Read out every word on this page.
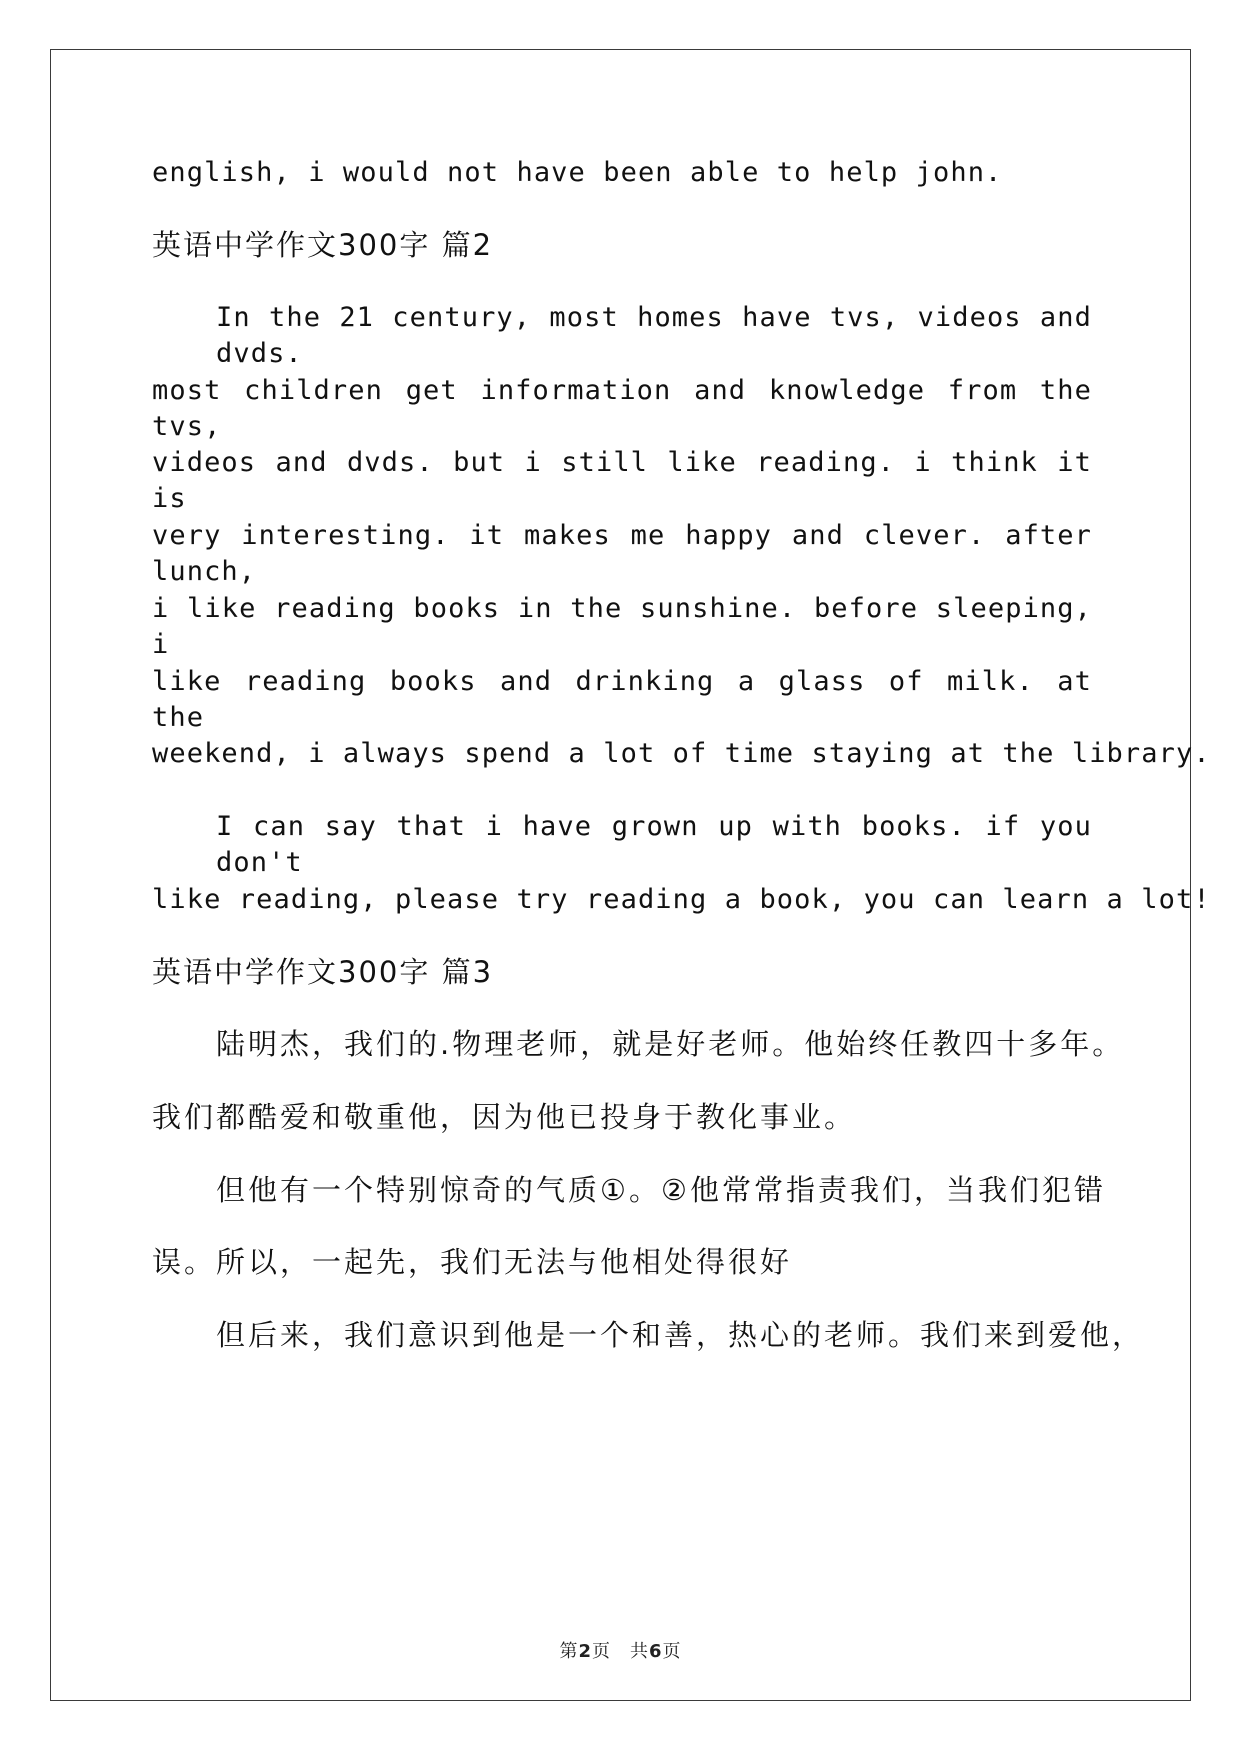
english, i would not have been able to help john.
英语中学作文300字 篇2
In the 21 century, most homes have tvs, videos and dvds.
most children get information and knowledge from the tvs,
videos and dvds. but i still like reading. i think it is
very interesting. it makes me happy and clever. after lunch,
i like reading books in the sunshine. before sleeping, i
like reading books and drinking a glass of milk. at the
weekend, i always spend a lot of time staying at the library.
I can say that i have grown up with books. if you don't
like reading, please try reading a book, you can learn a lot!
英语中学作文300字 篇3
陆明杰，我们的.物理老师，就是好老师。他始终任教四十多年。
我们都酷爱和敬重他，因为他已投身于教化事业。
但他有一个特别惊奇的气质①。②他常常指责我们，当我们犯错
误。所以，一起先，我们无法与他相处得很好
但后来，我们意识到他是一个和善，热心的老师。我们来到爱他，
第2页　共6页
